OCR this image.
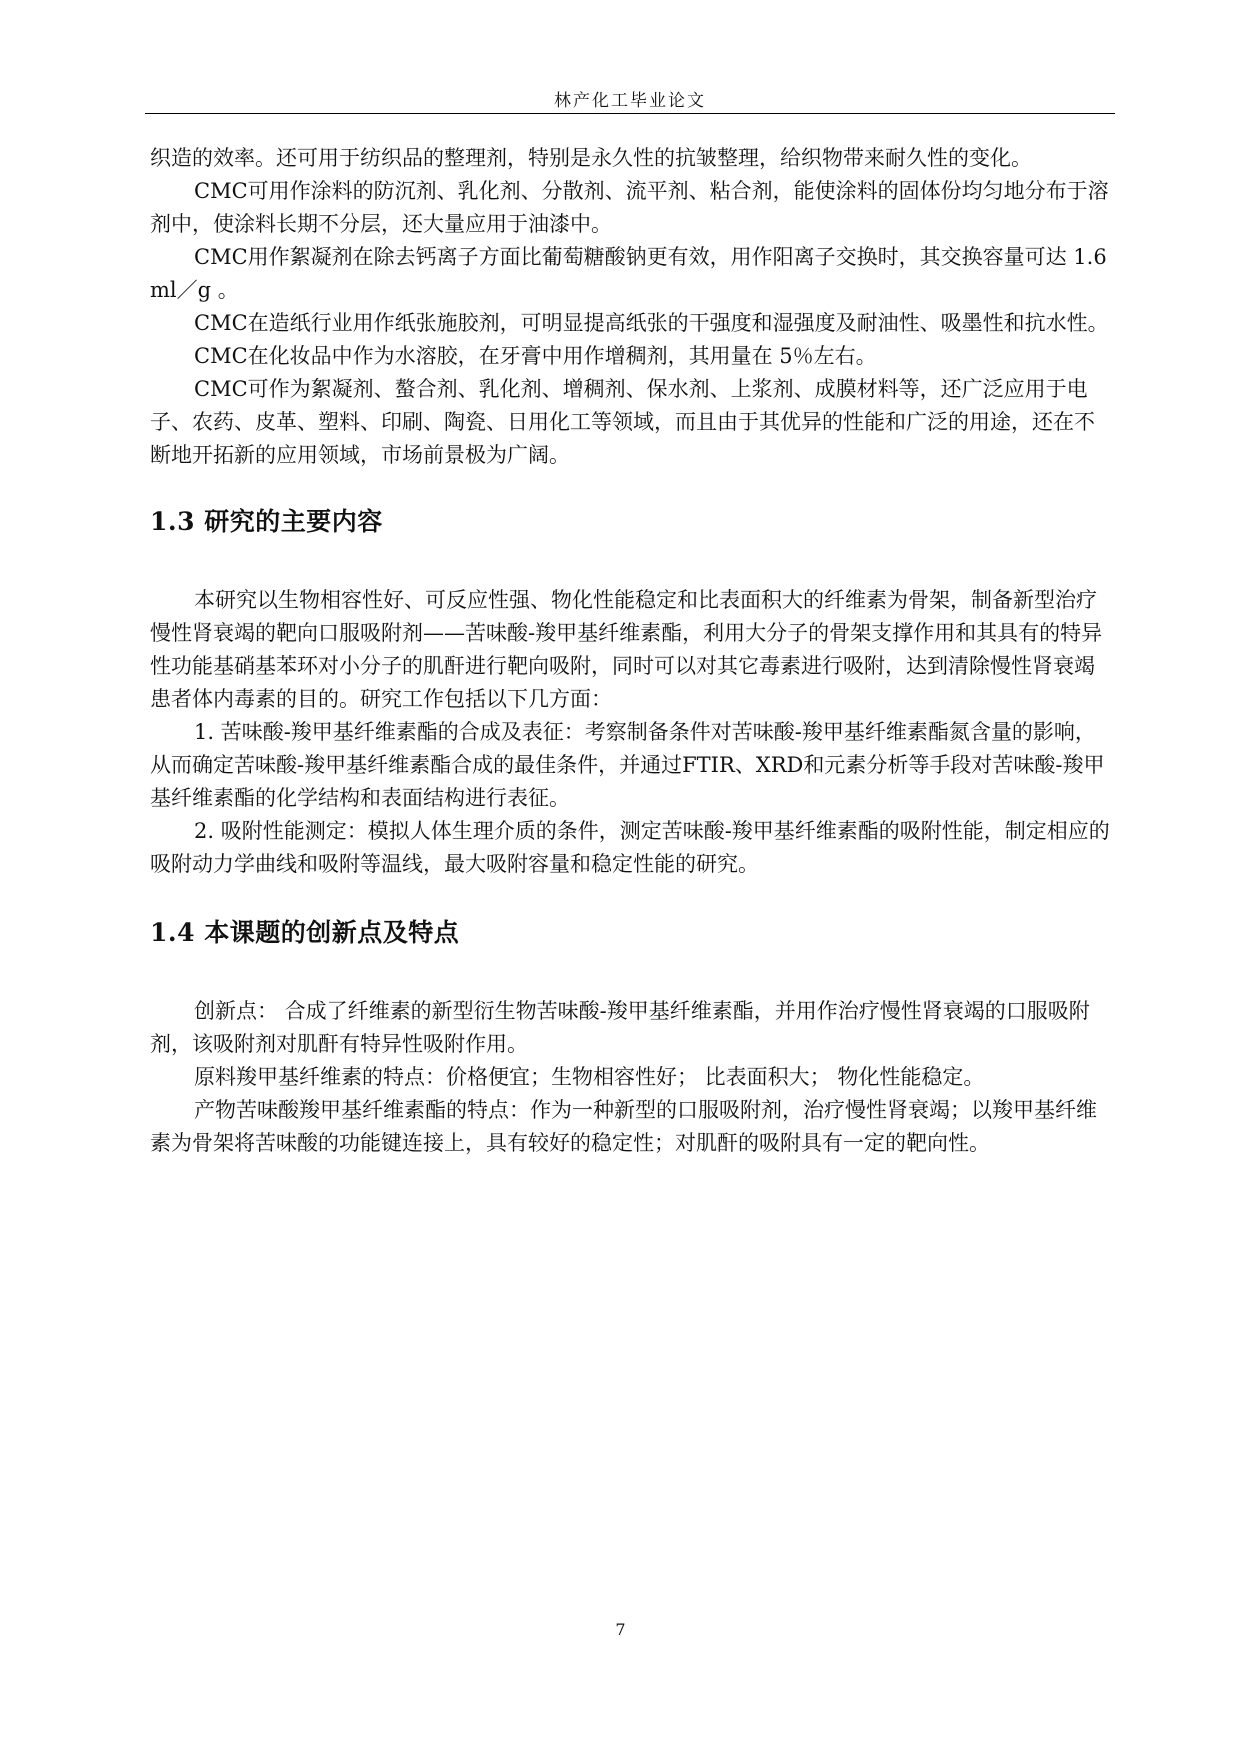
林产化工毕业论文

织造的效率。还可用于纺织品的整理剂，特别是永久性的抗皱整理，给织物带来耐久性的变化。

CMC可用作涂料的防沉剂、乳化剂、分散剂、流平剂、粘合剂，能使涂料的固体份均匀地分布于溶剂中，使涂料长期不分层，还大量应用于油漆中。

CMC用作絮凝剂在除去钙离子方面比葡萄糖酸钠更有效，用作阳离子交换时，其交换容量可达 1.6 ml／g 。

CMC在造纸行业用作纸张施胶剂，可明显提高纸张的干强度和湿强度及耐油性、吸墨性和抗水性。

CMC在化妆品中作为水溶胶，在牙膏中用作增稠剂，其用量在 5％左右。

CMC可作为絮凝剂、螯合剂、乳化剂、增稠剂、保水剂、上浆剂、成膜材料等，还广泛应用于电子、农药、皮革、塑料、印刷、陶瓷、日用化工等领域，而且由于其优异的性能和广泛的用途，还在不断地开拓新的应用领域，市场前景极为广阔。

1.3 研究的主要内容

本研究以生物相容性好、可反应性强、物化性能稳定和比表面积大的纤维素为骨架，制备新型治疗慢性肾衰竭的靶向口服吸附剂——苦味酸-羧甲基纤维素酯，利用大分子的骨架支撑作用和其具有的特异性功能基硝基苯环对小分子的肌酐进行靶向吸附，同时可以对其它毒素进行吸附，达到清除慢性肾衰竭患者体内毒素的目的。研究工作包括以下几方面：

1. 苦味酸-羧甲基纤维素酯的合成及表征：考察制备条件对苦味酸-羧甲基纤维素酯氮含量的影响，从而确定苦味酸-羧甲基纤维素酯合成的最佳条件，并通过FTIR、XRD和元素分析等手段对苦味酸-羧甲基纤维素酯的化学结构和表面结构进行表征。

2. 吸附性能测定：模拟人体生理介质的条件，测定苦味酸-羧甲基纤维素酯的吸附性能，制定相应的吸附动力学曲线和吸附等温线，最大吸附容量和稳定性能的研究。

1.4 本课题的创新点及特点

创新点： 合成了纤维素的新型衍生物苦味酸-羧甲基纤维素酯，并用作治疗慢性肾衰竭的口服吸附剂，该吸附剂对肌酐有特异性吸附作用。

原料羧甲基纤维素的特点：价格便宜；生物相容性好； 比表面积大； 物化性能稳定。

产物苦味酸羧甲基纤维素酯的特点：作为一种新型的口服吸附剂，治疗慢性肾衰竭；以羧甲基纤维素为骨架将苦味酸的功能键连接上，具有较好的稳定性；对肌酐的吸附具有一定的靶向性。

7
